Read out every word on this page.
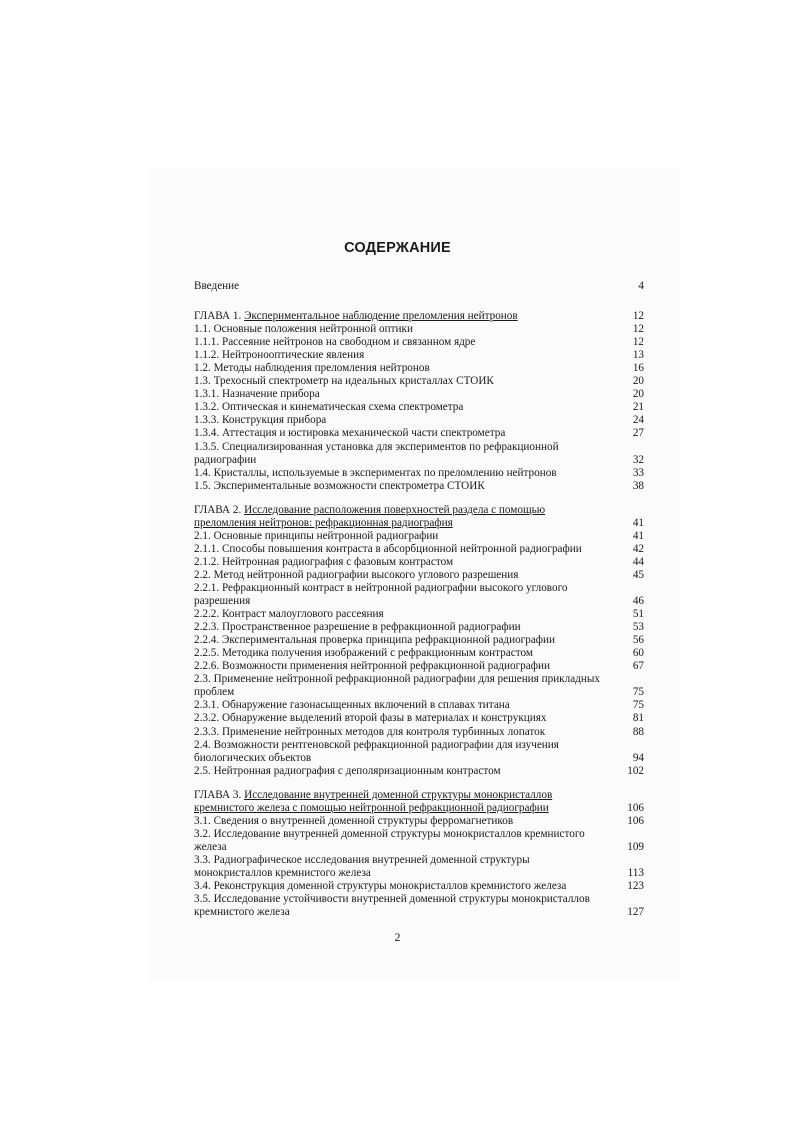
СОДЕРЖАНИЕ
Введение	4
ГЛАВА 1. Экспериментальное наблюдение преломления нейтронов	12
1.1. Основные положения нейтронной оптики	12
1.1.1. Рассеяние нейтронов на свободном и связанном ядре	12
1.1.2. Нейтронооптические явления	13
1.2. Методы наблюдения преломления нейтронов	16
1.3. Трехосный спектрометр на идеальных кристаллах СТОИК	20
1.3.1. Назначение прибора	20
1.3.2. Оптическая и кинематическая схема спектрометра	21
1.3.3. Конструкция прибора	24
1.3.4. Аттестация и юстировка механической части спектрометра	27
1.3.5. Специализированная установка для экспериментов по рефракционной
радиографии	32
1.4. Кристаллы, используемые в экспериментах по преломлению нейтронов	33
1.5. Экспериментальные возможности спектрометра СТОИК	38
ГЛАВА 2. Исследование расположения поверхностей раздела с помощью
преломления нейтронов: рефракционная радиография	41
2.1. Основные принципы нейтронной радиографии	41
2.1.1. Способы повышения контраста в абсорбционной нейтронной радиографии	42
2.1.2. Нейтронная радиография с фазовым контрастом	44
2.2. Метод нейтронной радиографии высокого углового разрешения	45
2.2.1. Рефракционный контраст в нейтронной радиографии высокого углового
разрешения	46
2.2.2. Контраст малоуглового рассеяния	51
2.2.3. Пространственное разрешение в рефракционной радиографии	53
2.2.4. Экспериментальная проверка принципа рефракционной радиографии	56
2.2.5. Методика получения изображений с рефракционным контрастом	60
2.2.6. Возможности применения нейтронной рефракционной радиографии	67
2.3. Применение нейтронной рефракционной радиографии для решения прикладных
проблем	75
2.3.1. Обнаружение газонасыщенных включений в сплавах титана	75
2.3.2. Обнаружение выделений второй фазы в материалах и конструкциях	81
2.3.3. Применение нейтронных методов для контроля турбинных лопаток	88
2.4. Возможности рентгеновской рефракционной радиографии для изучения
биологических объектов	94
2.5. Нейтронная радиография с деполяризационным контрастом	102
ГЛАВА 3. Исследование внутренней доменной структуры монокристаллов
кремнистого железа с помощью нейтронной рефракционной радиографии	106
3.1. Сведения о внутренней доменной структуры ферромагнетиков	106
3.2. Исследование внутренней доменной структуры монокристаллов кремнистого
железа	109
3.3. Радиографическое исследования внутренней доменной структуры
монокристаллов кремнистого железа	113
3.4. Реконструкция доменной структуры монокристаллов кремнистого железа	123
3.5. Исследование устойчивости внутренней доменной структуры монокристаллов
кремнистого железа	127
2
